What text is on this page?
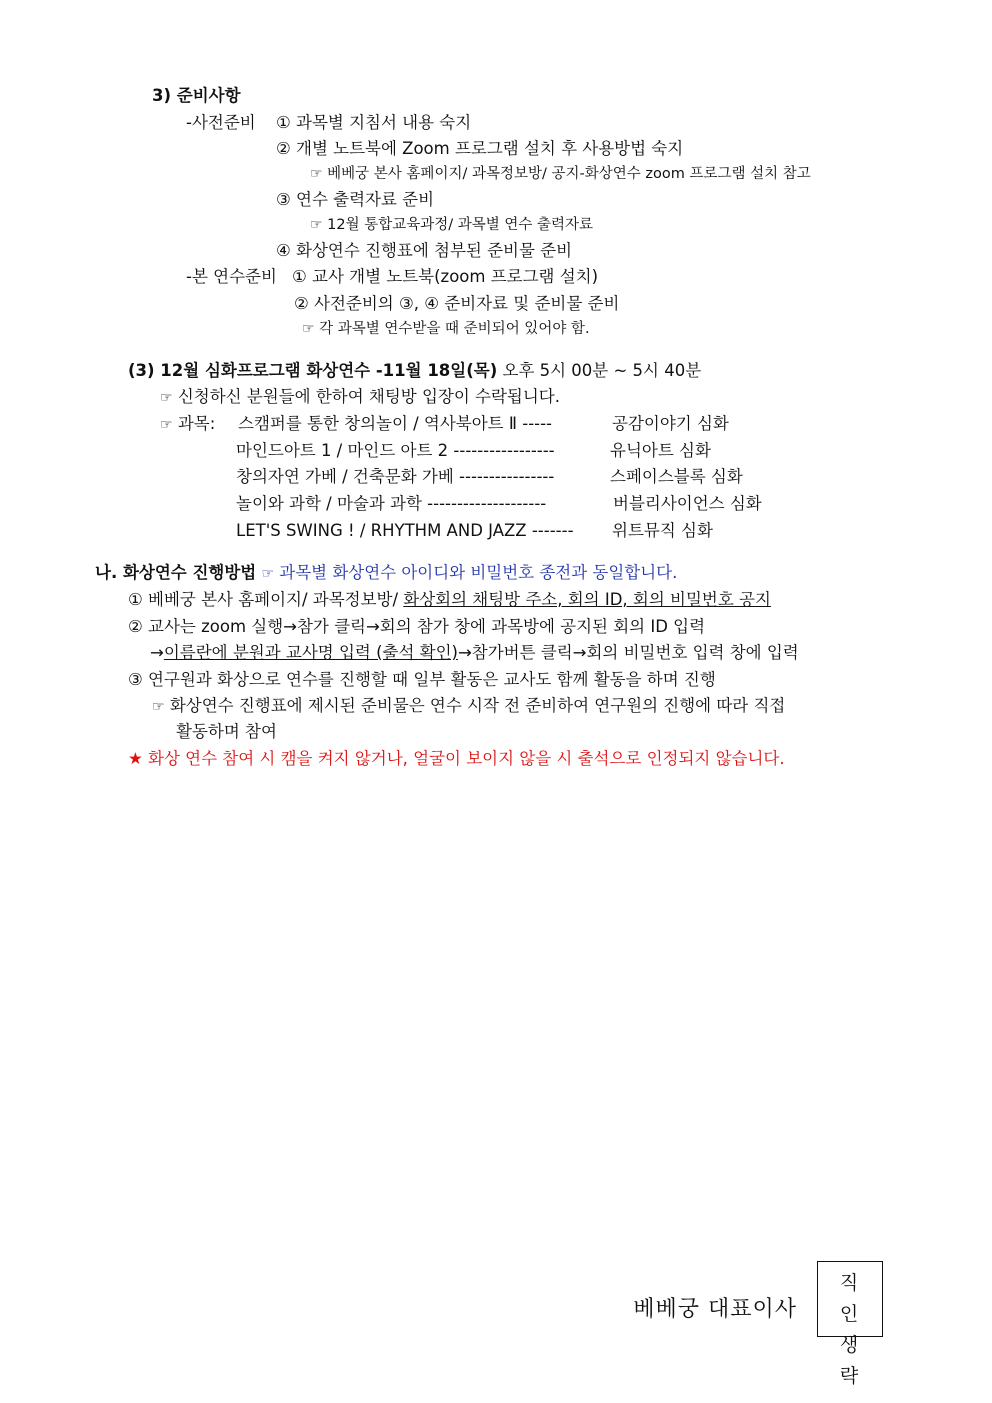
3) 준비사항
-사전준비 ① 과목별 지침서 내용 숙지
② 개별 노트북에 Zoom 프로그램 설치 후 사용방법 숙지
☞ 베베궁 본사 홈페이지/ 과목정보방/ 공지-화상연수 zoom 프로그램 설치 참고
③ 연수 출력자료 준비
☞ 12월 통합교육과정/ 과목별 연수 출력자료
④ 화상연수 진행표에 첨부된 준비물 준비
-본 연수준비 ① 교사 개별 노트북(zoom 프로그램 설치)
② 사전준비의 ③, ④ 준비자료 및 준비물 준비
☞ 각 과목별 연수받을 때 준비되어 있어야 함.
(3) 12월 심화프로그램 화상연수 -11월 18일(목) 오후 5시 00분 ~ 5시 40분
☞ 신청하신 분원들에 한하여 채팅방 입장이 수락됩니다.
☞ 과목: 스캠퍼를 통한 창의놀이 / 역사북아트 Ⅱ -----	공감이야기 심화
마인드아트 1 / 마인드 아트 2 -----------------	유닉아트 심화
창의자연 가베 / 건축문화 가베 ----------------	스페이스블록 심화
놀이와 과학 / 마술과 과학 --------------------	버블리사이언스 심화
LET'S SWING ! / RHYTHM AND JAZZ ------- 위트뮤직 심화
나. 화상연수 진행방법 ☞ 과목별 화상연수 아이디와 비밀번호 종전과 동일합니다.
① 베베궁 본사 홈페이지/ 과목정보방/ 화상회의 채팅방 주소, 회의 ID, 회의 비밀번호 공지
② 교사는 zoom 실행→참가 클릭→회의 참가 창에 과목방에 공지된 회의 ID 입력
→이름란에 분원과 교사명 입력 (출석 확인)→참가버튼 클릭→회의 비밀번호 입력 창에 입력
③ 연구원과 화상으로 연수를 진행할 때 일부 활동은 교사도 함께 활동을 하며 진행
☞ 화상연수 진행표에 제시된 준비물은 연수 시작 전 준비하여 연구원의 진행에 따라 직접
활동하며 참여
★ 화상 연수 참여 시 캠을 켜지 않거나, 얼굴이 보이지 않을 시 출석으로 인정되지 않습니다.
베베궁 대표이사
직인
생략
